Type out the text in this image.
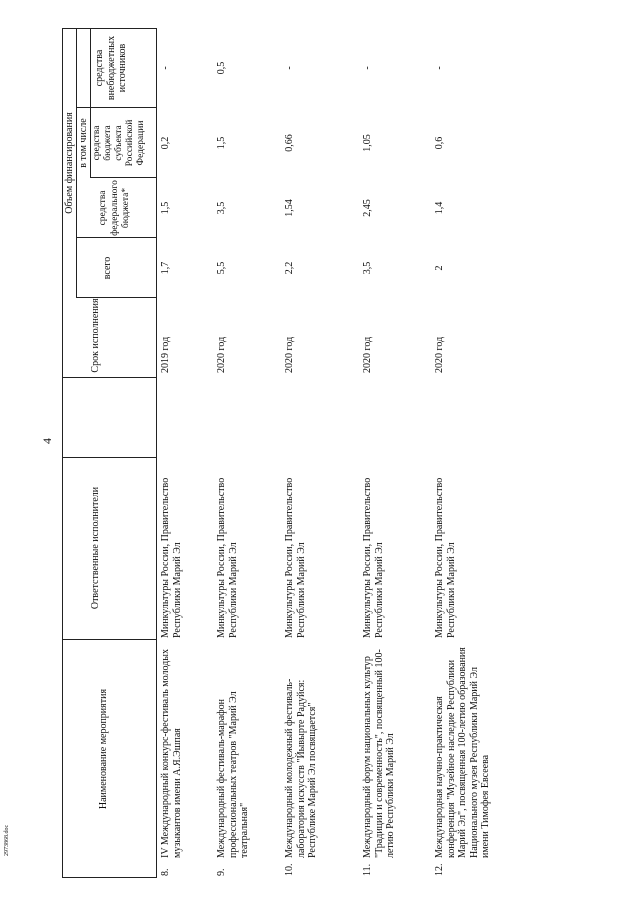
4
2973868.doc
Наименование мероприятия
Ответственные исполнители
Срок исполнения
Объем финансирования
всего
средства федерального бюджета*
в том числе средства бюджета субъекта Российской Федерации
средства внебюджетных источников
8.
IV Международный конкурс-фестиваль молодых музыкантов имени А.Я.Эшпая
Минкультуры России, Правительство Республики Марий Эл
2019 год
1,7
1,5
0,2
-
9.
Международный фестиваль-марафон профессиональных театров "Марий Эл театральная"
Минкультуры России, Правительство Республики Марий Эл
2020 год
5,5
3,5
1,5
0,5
10.
Международный молодежный фестиваль-лаборатория искусств "Йывырте Радуйся: Республике Марий Эл посвящается"
Минкультуры России, Правительство Республики Марий Эл
2020 год
2,2
1,54
0,66
-
11.
Международный форум национальных культур "Традиции и современность", посвященный 100-летию Республики Марий Эл
Минкультуры России, Правительство Республики Марий Эл
2020 год
3,5
2,45
1,05
-
12.
Международная научно-практическая конференция "Музейное наследие Республики Марий Эл", посвященная 100-летию образования Национального музея Республики Марий Эл имени Тимофея Евсеева
Минкультуры России, Правительство Республики Марий Эл
2020 год
2
1,4
0,6
-
